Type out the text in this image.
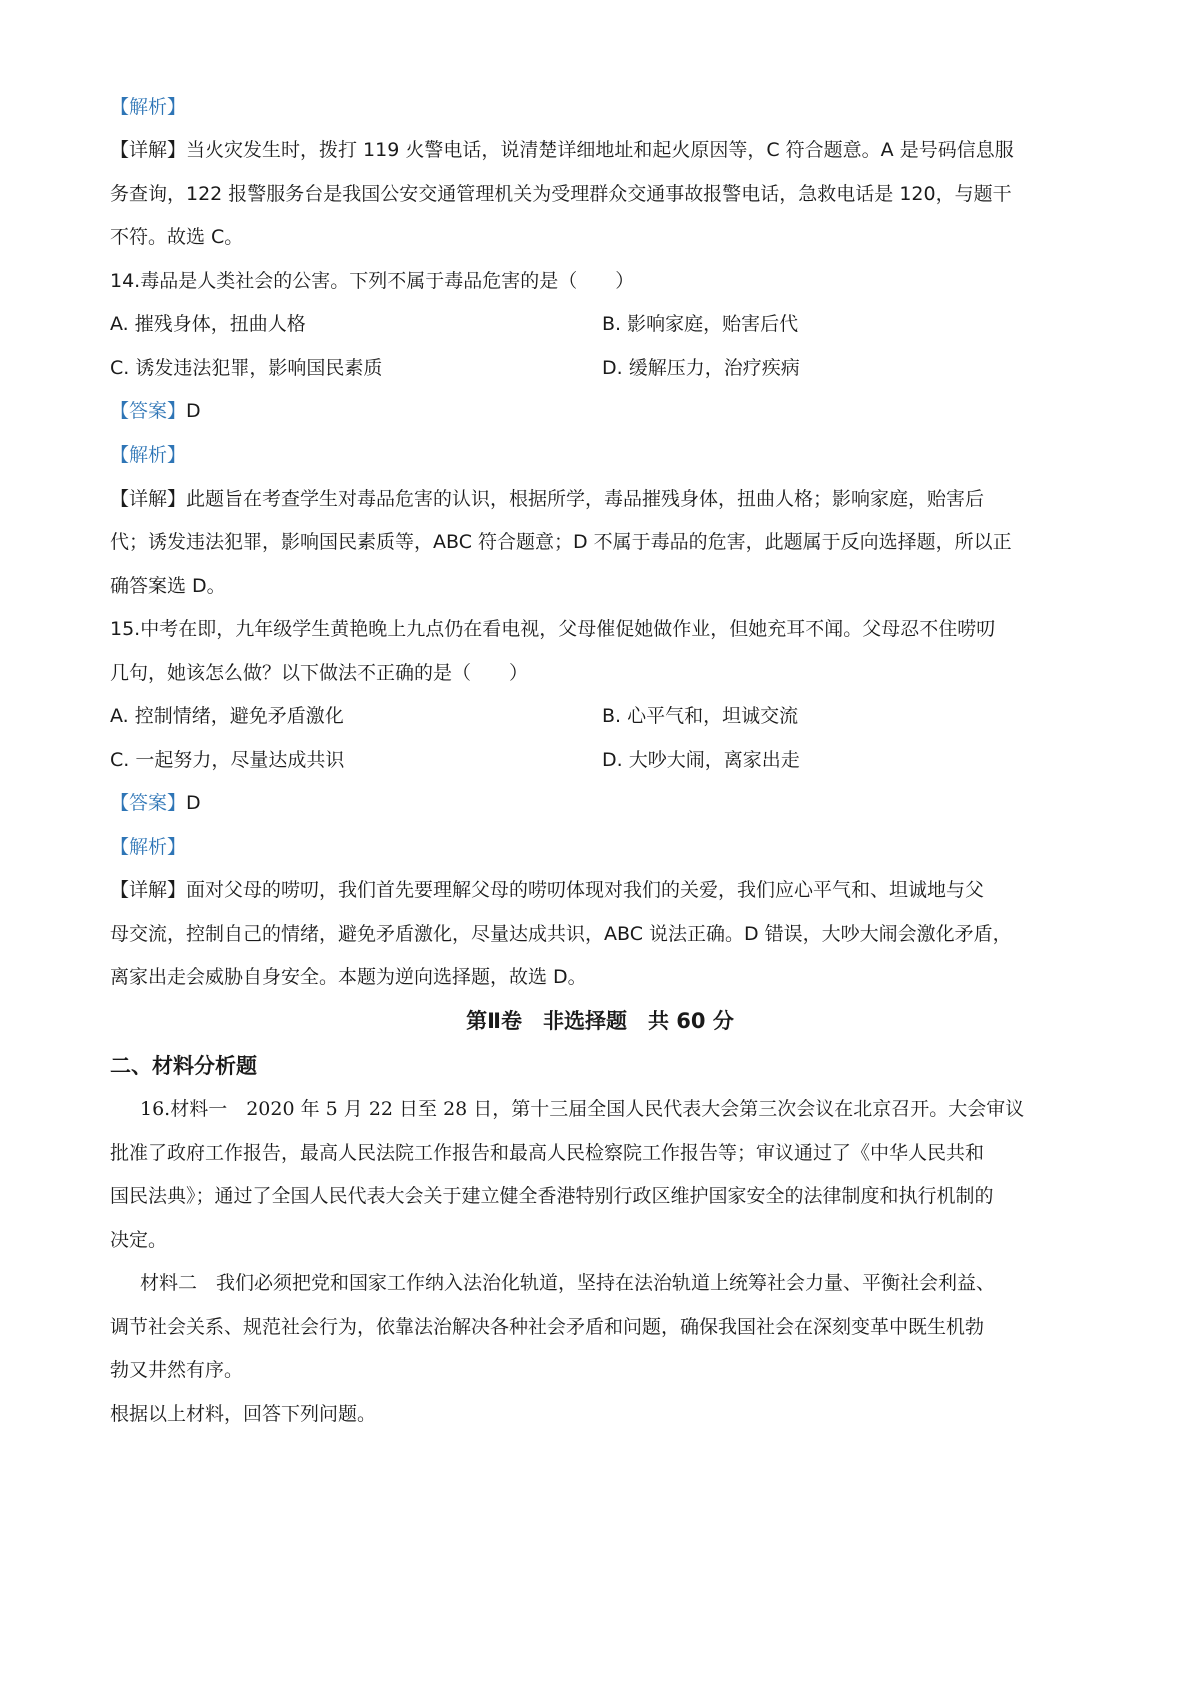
【解析】
【详解】当火灾发生时，拨打 119 火警电话，说清楚详细地址和起火原因等，C 符合题意。A 是号码信息服
务查询，122 报警服务台是我国公安交通管理机关为受理群众交通事故报警电话，急救电话是 120，与题干
不符。故选 C。
14.毒品是人类社会的公害。下列不属于毒品危害的是（　　）
A. 摧残身体，扭曲人格	B. 影响家庭，贻害后代
C. 诱发违法犯罪，影响国民素质	D. 缓解压力，治疗疾病
【答案】D
【解析】
【详解】此题旨在考查学生对毒品危害的认识，根据所学，毒品摧残身体，扭曲人格；影响家庭，贻害后
代；诱发违法犯罪，影响国民素质等，ABC 符合题意；D 不属于毒品的危害，此题属于反向选择题，所以正
确答案选 D。
15.中考在即，九年级学生黄艳晚上九点仍在看电视，父母催促她做作业，但她充耳不闻。父母忍不住唠叨
几句，她该怎么做？以下做法不正确的是（　　）
A. 控制情绪，避免矛盾激化	B. 心平气和，坦诚交流
C. 一起努力，尽量达成共识	D. 大吵大闹，离家出走
【答案】D
【解析】
【详解】面对父母的唠叨，我们首先要理解父母的唠叨体现对我们的关爱，我们应心平气和、坦诚地与父
母交流，控制自己的情绪，避免矛盾激化，尽量达成共识，ABC 说法正确。D 错误，大吵大闹会激化矛盾，
离家出走会威胁自身安全。本题为逆向选择题，故选 D。
第Ⅱ卷　非选择题　共 60 分
二、材料分析题
16.材料一　2020 年 5 月 22 日至 28 日，第十三届全国人民代表大会第三次会议在北京召开。大会审议
批准了政府工作报告，最高人民法院工作报告和最高人民检察院工作报告等；审议通过了《中华人民共和
国民法典》；通过了全国人民代表大会关于建立健全香港特别行政区维护国家安全的法律制度和执行机制的
决定。
材料二　我们必须把党和国家工作纳入法治化轨道，坚持在法治轨道上统筹社会力量、平衡社会利益、
调节社会关系、规范社会行为，依靠法治解决各种社会矛盾和问题，确保我国社会在深刻变革中既生机勃
勃又井然有序。
根据以上材料，回答下列问题。
